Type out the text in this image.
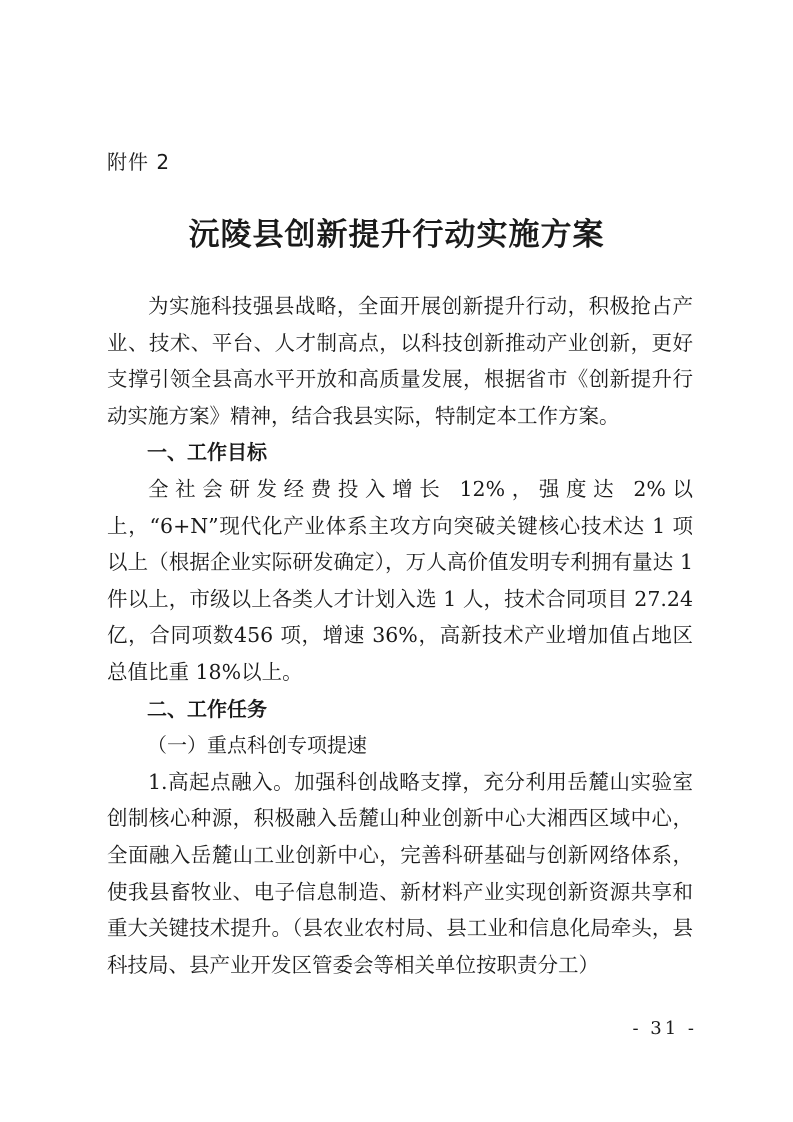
附件 2
沅陵县创新提升行动实施方案

为实施科技强县战略，全面开展创新提升行动，积极抢占产业、技术、平台、人才制高点，以科技创新推动产业创新，更好支撑引领全县高水平开放和高质量发展，根据省市《创新提升行动实施方案》精神，结合我县实际，特制定本工作方案。

一、工作目标

全社会研发经费投入增长 12%，强度达 2%以上，“6+N”现代化产业体系主攻方向突破关键核心技术达 1 项以上（根据企业实际研发确定），万人高价值发明专利拥有量达 1 件以上，市级以上各类人才计划入选 1 人，技术合同项目 27.24 亿，合同项数456 项，增速 36%，高新技术产业增加值占地区总值比重 18%以上。

二、工作任务

（一）重点科创专项提速

1.高起点融入。加强科创战略支撑，充分利用岳麓山实验室创制核心种源，积极融入岳麓山种业创新中心大湘西区域中心，全面融入岳麓山工业创新中心，完善科研基础与创新网络体系，使我县畜牧业、电子信息制造、新材料产业实现创新资源共享和重大关键技术提升。（县农业农村局、县工业和信息化局牵头，县科技局、县产业开发区管委会等相关单位按职责分工）

- 31 -
